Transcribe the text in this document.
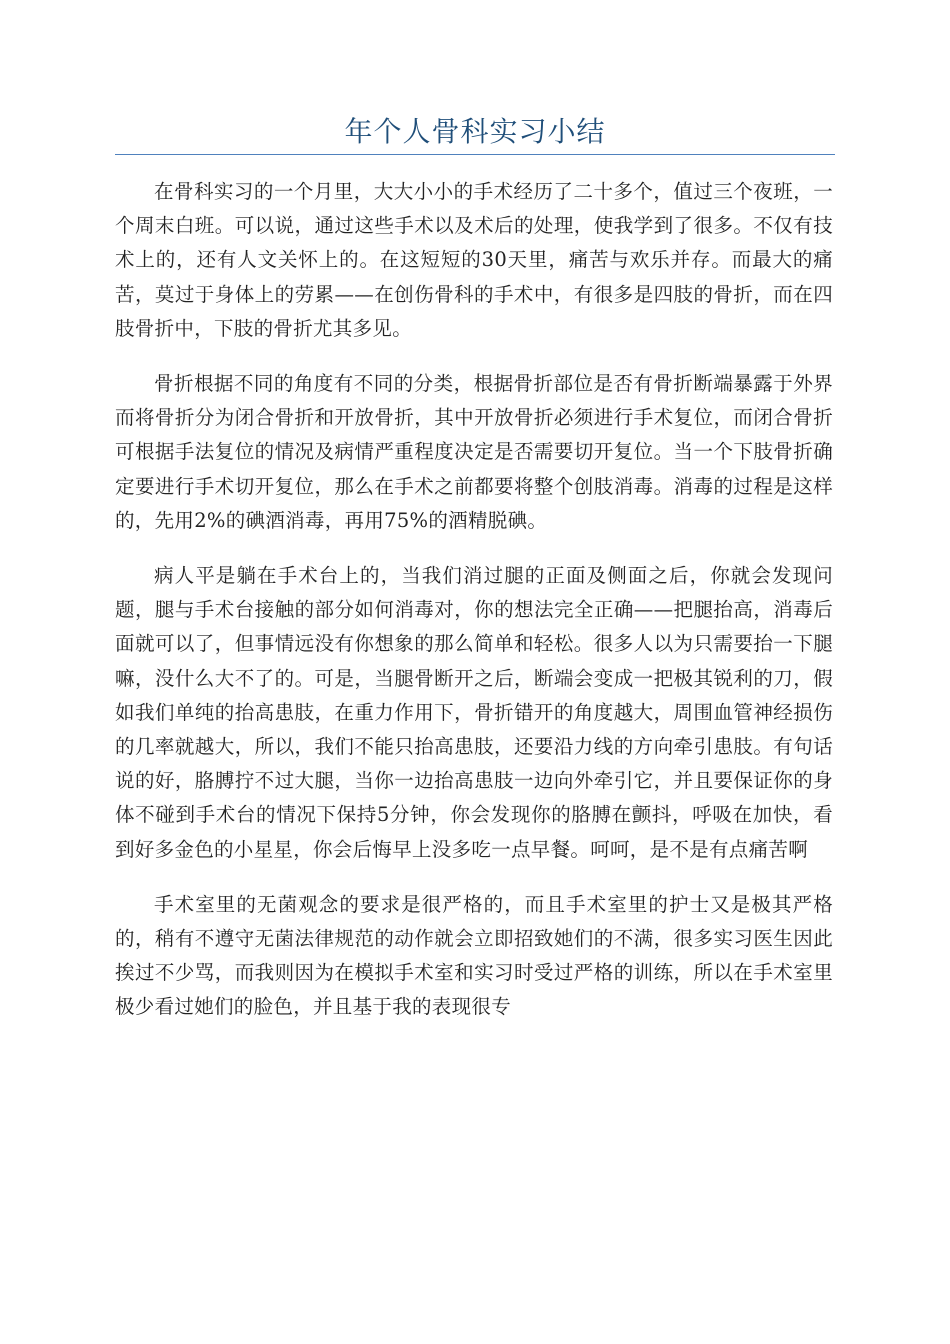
年个人骨科实习小结

在骨科实习的一个月里，大大小小的手术经历了二十多个，值过三个夜班，一个周末白班。可以说，通过这些手术以及术后的处理，使我学到了很多。不仅有技术上的，还有人文关怀上的。在这短短的30天里，痛苦与欢乐并存。而最大的痛苦，莫过于身体上的劳累——在创伤骨科的手术中，有很多是四肢的骨折，而在四肢骨折中，下肢的骨折尤其多见。

骨折根据不同的角度有不同的分类，根据骨折部位是否有骨折断端暴露于外界而将骨折分为闭合骨折和开放骨折，其中开放骨折必须进行手术复位，而闭合骨折可根据手法复位的情况及病情严重程度决定是否需要切开复位。当一个下肢骨折确定要进行手术切开复位，那么在手术之前都要将整个创肢消毒。消毒的过程是这样的，先用2%的碘酒消毒，再用75%的酒精脱碘。

病人平是躺在手术台上的，当我们消过腿的正面及侧面之后，你就会发现问题，腿与手术台接触的部分如何消毒对，你的想法完全正确——把腿抬高，消毒后面就可以了，但事情远没有你想象的那么简单和轻松。很多人以为只需要抬一下腿嘛，没什么大不了的。可是，当腿骨断开之后，断端会变成一把极其锐利的刀，假如我们单纯的抬高患肢，在重力作用下，骨折错开的角度越大，周围血管神经损伤的几率就越大，所以，我们不能只抬高患肢，还要沿力线的方向牵引患肢。有句话说的好，胳膊拧不过大腿，当你一边抬高患肢一边向外牵引它，并且要保证你的身体不碰到手术台的情况下保持5分钟，你会发现你的胳膊在颤抖，呼吸在加快，看到好多金色的小星星，你会后悔早上没多吃一点早餐。呵呵，是不是有点痛苦啊

手术室里的无菌观念的要求是很严格的，而且手术室里的护士又是极其严格的，稍有不遵守无菌法律规范的动作就会立即招致她们的不满，很多实习医生因此挨过不少骂，而我则因为在模拟手术室和实习时受过严格的训练，所以在手术室里极少看过她们的脸色，并且基于我的表现很专
